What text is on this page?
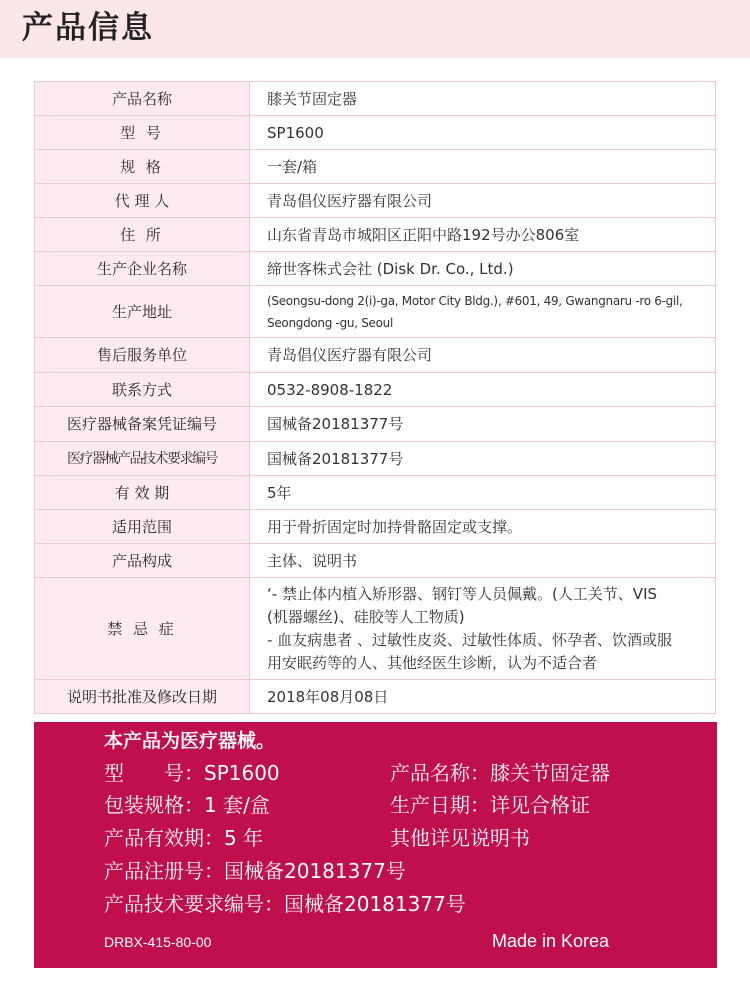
产品信息
产品名称	膝关节固定器
型 号	SP1600
规 格	一套/箱
代 理 人	青岛倡仪医疗器有限公司
住 所	山东省青岛市城阳区正阳中路192号办公806室
生产企业名称	缔世客株式会社 (Disk Dr. Co., Ltd.)
生产地址	(Seongsu-dong 2(i)-ga, Motor City Bldg.), #601, 49, Gwangnaru -ro 6-gil,
Seongdong -gu, Seoul

售后服务单位	青岛倡仪医疗器有限公司
联系方式	0532-8908-1822
医疗器械备案凭证编号	国械备20181377号
医疗器械产品技术要求编号	国械备20181377号
有 效 期	5年
适用范围	用于骨折固定时加持骨骼固定或支撑。
产品构成	主体、说明书
禁 忌 症	‘- 禁止体内植入矫形器、钢钉等人员佩戴。(人工关节、VIS
(机器螺丝)、硅胶等人工物质)
- 血友病患者 、过敏性皮炎、过敏性体质、怀孕者、饮酒或服
用安眠药等的人、其他经医生诊断，认为不适合者

说明书批准及修改日期	2018年08月08日
本产品为医疗器械。
型　　号：SP1600	产品名称：膝关节固定器
包装规格：1 套/盒	生产日期：详见合格证
产品有效期：5 年	其他详见说明书
产品注册号：国械备20181377号
产品技术要求编号：国械备20181377号
DRBX-415-80-00	Made in Korea
